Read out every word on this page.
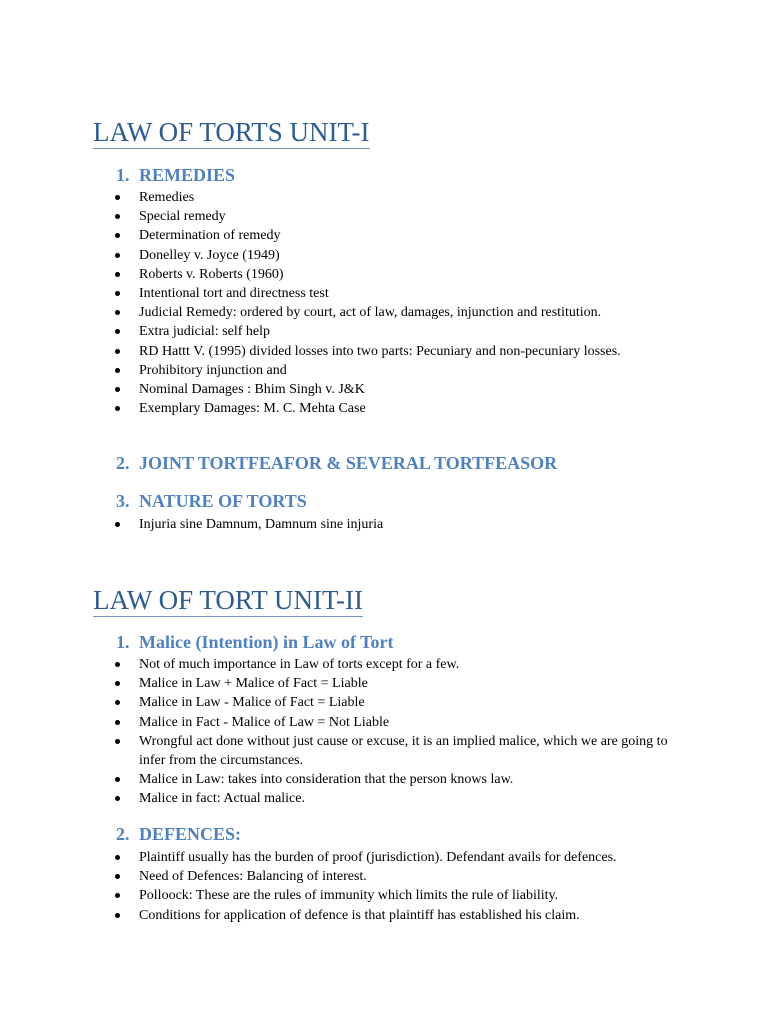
LAW OF TORTS UNIT-I
1. REMEDIES
Remedies
Special remedy
Determination of remedy
Donelley v. Joyce (1949)
Roberts v. Roberts (1960)
Intentional tort and directness test
Judicial Remedy: ordered by court, act of law, damages, injunction and restitution.
Extra judicial: self help
RD Hattt V. (1995) divided losses into two parts: Pecuniary and non-pecuniary losses.
Prohibitory injunction and
Nominal Damages : Bhim Singh v. J&K
Exemplary Damages: M. C. Mehta Case
2. JOINT TORTFEAFOR & SEVERAL TORTFEASOR
3. NATURE OF TORTS
Injuria sine Damnum, Damnum sine injuria
LAW OF TORT UNIT-II
1. Malice (Intention) in Law of Tort
Not of much importance in Law of torts except for a few.
Malice in Law + Malice of Fact = Liable
Malice in Law - Malice of Fact = Liable
Malice in Fact - Malice of Law = Not Liable
Wrongful act done without just cause or excuse, it is an implied malice, which we are going to infer from the circumstances.
Malice in Law: takes into consideration that the person knows law.
Malice in fact: Actual malice.
2. DEFENCES:
Plaintiff usually has the burden of proof (jurisdiction). Defendant avails for defences.
Need of Defences: Balancing of interest.
Polloock: These are the rules of immunity which limits the rule of liability.
Conditions for application of defence is that plaintiff has established his claim.
